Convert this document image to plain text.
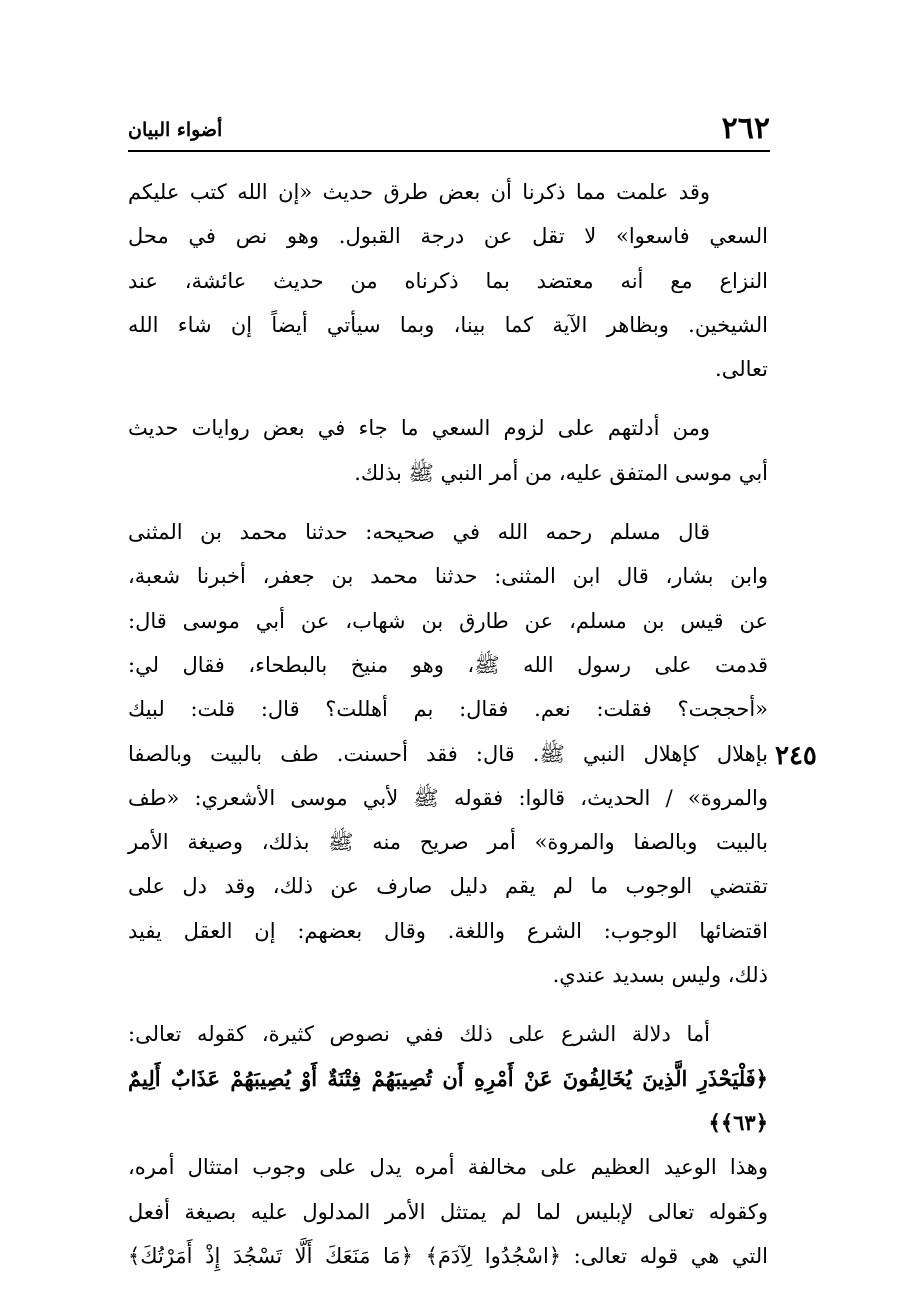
٢٦٢
أضواء البيان
٢٤٥
وقد علمت مما ذكرنا أن بعض طرق حديث «إن الله كتب عليكم
السعي فاسعوا» لا تقل عن درجة القبول. وهو نص في محل
النزاع مع أنه معتضد بما ذكرناه من حديث عائشة، عند
الشيخين. وبظاهر الآية كما بينا، وبما سيأتي أيضاً إن شاء الله
تعالى.
ومن أدلتهم على لزوم السعي ما جاء في بعض روايات حديث
أبي موسى المتفق عليه، من أمر النبي ﷺ بذلك.
قال مسلم رحمه الله في صحيحه: حدثنا محمد بن المثنى
وابن بشار، قال ابن المثنى: حدثنا محمد بن جعفر، أخبرنا شعبة،
عن قيس بن مسلم، عن طارق بن شهاب، عن أبي موسى قال:
قدمت على رسول الله ﷺ، وهو منيخ بالبطحاء، فقال لي:
«أحججت؟ فقلت: نعم. فقال: بم أهللت؟ قال: قلت: لبيك
بإهلال كإهلال النبي ﷺ. قال: فقد أحسنت. طف بالبيت وبالصفا
والمروة» / الحديث، قالوا: فقوله ﷺ لأبي موسى الأشعري: «طف
بالبيت وبالصفا والمروة» أمر صريح منه ﷺ بذلك، وصيغة الأمر
تقتضي الوجوب ما لم يقم دليل صارف عن ذلك، وقد دل على
اقتضائها الوجوب: الشرع واللغة. وقال بعضهم: إن العقل يفيد
ذلك، وليس بسديد عندي.
أما دلالة الشرع على ذلك ففي نصوص كثيرة، كقوله تعالى:
﴿فَلْيَحْذَرِ الَّذِينَ يُخَالِفُونَ عَنْ أَمْرِهِ أَن تُصِيبَهُمْ فِتْنَةٌ أَوْ يُصِيبَهُمْ عَذَابٌ أَلِيمٌ ﴿٦٣﴾﴾
وهذا الوعيد العظيم على مخالفة أمره يدل على وجوب امتثال أمره،
وكقوله تعالى لإبليس لما لم يمتثل الأمر المدلول عليه بصيغة أفعل
التي هي قوله تعالى: ﴿اسْجُدُوا لِآدَمَ﴾ ﴿مَا مَنَعَكَ أَلَّا تَسْجُدَ إِذْ أَمَرْتُكَ﴾
